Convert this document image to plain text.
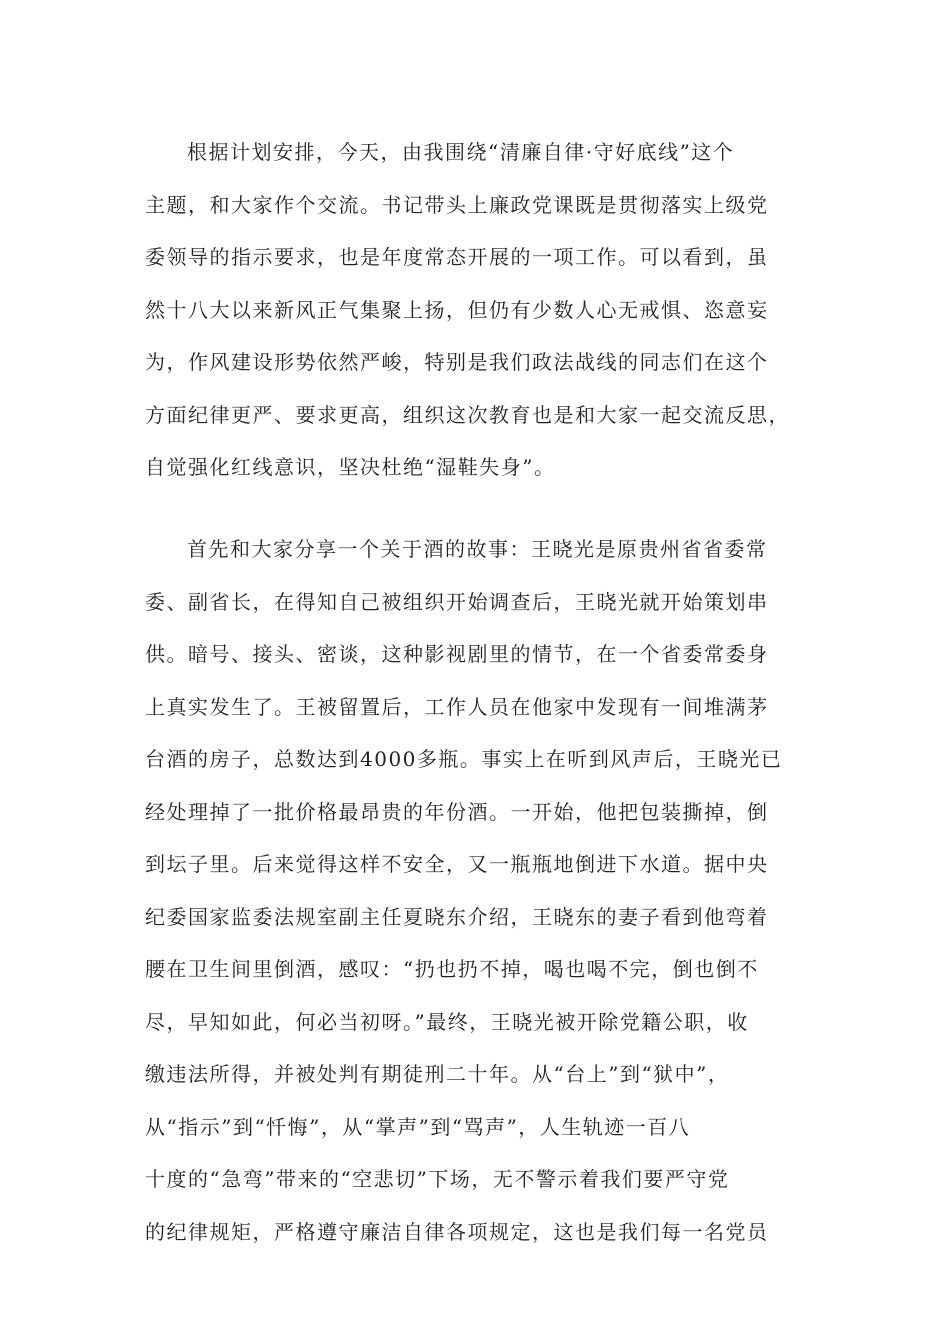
根据计划安排，今天，由我围绕“清廉自律·守好底线”这个
主题，和大家作个交流。书记带头上廉政党课既是贯彻落实上级党
委领导的指示要求，也是年度常态开展的一项工作。可以看到，虽
然十八大以来新风正气集聚上扬，但仍有少数人心无戒惧、恣意妄
为，作风建设形势依然严峻，特别是我们政法战线的同志们在这个
方面纪律更严、要求更高，组织这次教育也是和大家一起交流反思，
自觉强化红线意识，坚决杜绝“湿鞋失身”。
首先和大家分享一个关于酒的故事：王晓光是原贵州省省委常
委、副省长，在得知自己被组织开始调查后，王晓光就开始策划串
供。暗号、接头、密谈，这种影视剧里的情节，在一个省委常委身
上真实发生了。王被留置后，工作人员在他家中发现有一间堆满茅
台酒的房子，总数达到4000多瓶。事实上在听到风声后，王晓光已
经处理掉了一批价格最昂贵的年份酒。一开始，他把包装撕掉，倒
到坛子里。后来觉得这样不安全，又一瓶瓶地倒进下水道。据中央
纪委国家监委法规室副主任夏晓东介绍，王晓东的妻子看到他弯着
腰在卫生间里倒酒，感叹：“扔也扔不掉，喝也喝不完，倒也倒不
尽，早知如此，何必当初呀。”最终，王晓光被开除党籍公职，收
缴违法所得，并被处判有期徒刑二十年。从“台上”到“狱中”，
从“指示”到“忏悔”，从“掌声”到“骂声”，人生轨迹一百八
十度的“急弯”带来的“空悲切”下场，无不警示着我们要严守党
的纪律规矩，严格遵守廉洁自律各项规定，这也是我们每一名党员
